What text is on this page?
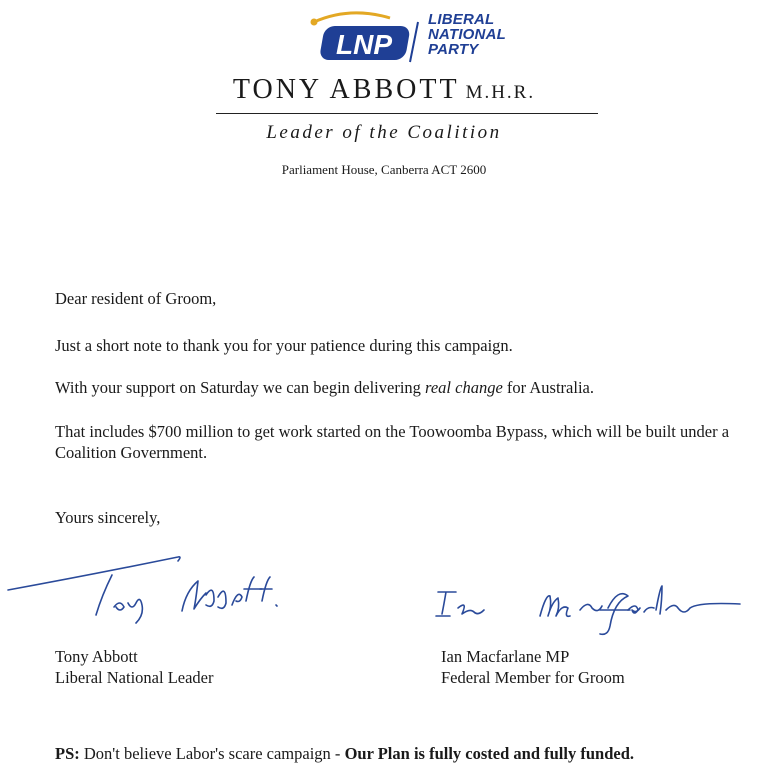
LNP
LIBERAL
NATIONAL
PARTY
TONY ABBOTT M.H.R.
Leader of the Coalition
Parliament House, Canberra ACT 2600
Dear resident of Groom,
Just a short note to thank you for your patience during this campaign.
With your support on Saturday we can begin delivering real change for Australia.
That includes $700 million to get work started on the Toowoomba Bypass, which will be built under a Coalition Government.
Yours sincerely,
Tony Abbott
Liberal National Leader
Ian Macfarlane MP
Federal Member for Groom
PS: Don't believe Labor's scare campaign - Our Plan is fully costed and fully funded.
